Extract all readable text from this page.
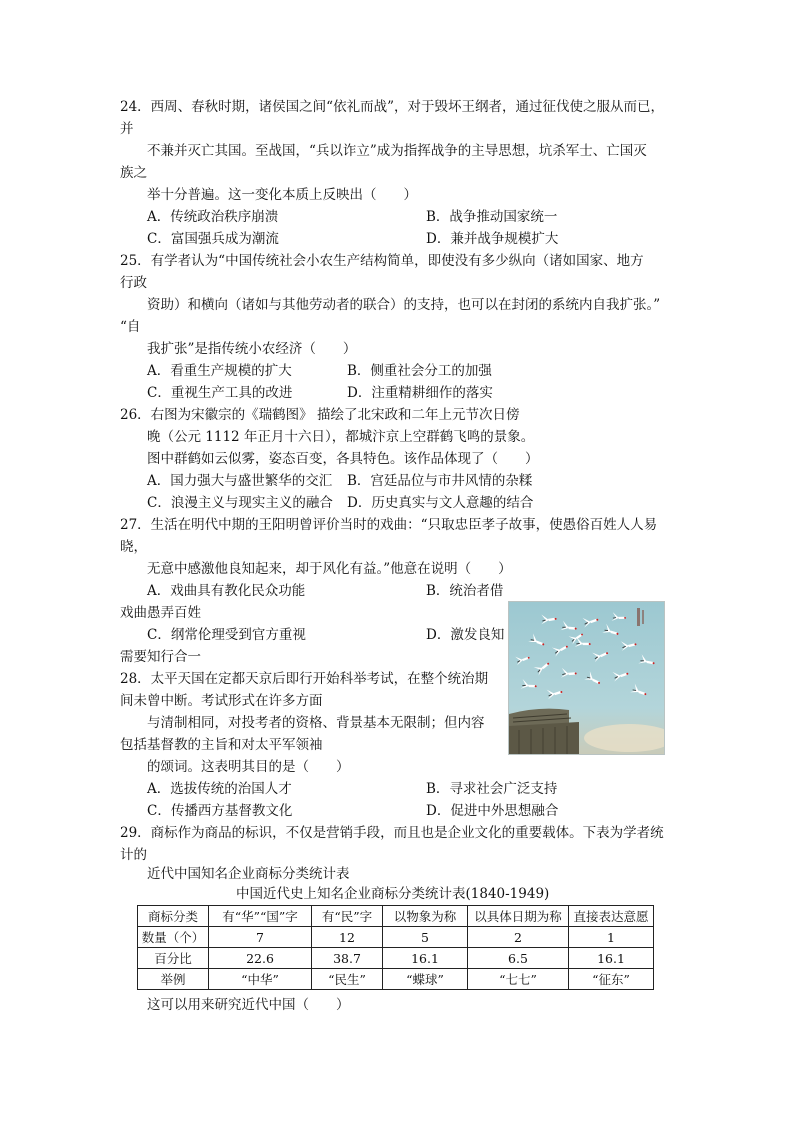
24．西周、春秋时期，诸侯国之间“依礼而战”，对于毁坏王纲者，通过征伐使之服从而已，
并
不兼并灭亡其国。至战国，“兵以诈立”成为指挥战争的主导思想，坑杀军士、亡国灭
族之
举十分普遍。这一变化本质上反映出（　　）
A．传统政治秩序崩溃	B．战争推动国家统一
C．富国强兵成为潮流	D．兼并战争规模扩大
25．有学者认为“中国传统社会小农生产结构简单，即使没有多少纵向（诸如国家、地方
行政
资助）和横向（诸如与其他劳动者的联合）的支持，也可以在封闭的系统内自我扩张。”
“自
我扩张”是指传统小农经济（　　）
A．看重生产规模的扩大	B．侧重社会分工的加强
C．重视生产工具的改进	D．注重精耕细作的落实
26．右图为宋徽宗的《瑞鹤图》 描绘了北宋政和二年上元节次日傍
晚（公元 1112 年正月十六日），都城汴京上空群鹤飞鸣的景象。
图中群鹤如云似雾，姿态百变，各具特色。该作品体现了（　　）
A．国力强大与盛世繁华的交汇 B．宫廷品位与市井风情的杂糅
C．浪漫主义与现实主义的融合 D．历史真实与文人意趣的结合
27．生活在明代中期的王阳明曾评价当时的戏曲：“只取忠臣孝子故事，使愚俗百姓人人易
晓，
无意中感激他良知起来，却于风化有益。”他意在说明（　　）
A．戏曲具有教化民众功能	B．统治者借
戏曲愚弄百姓
C．纲常伦理受到官方重视	D．激发良知
需要知行合一
28．太平天国在定都天京后即行开始科举考试，在整个统治期
间未曾中断。考试形式在许多方面
与清制相同，对投考者的资格、背景基本无限制；但内容
包括基督教的主旨和对太平军领袖
的颂词。这表明其目的是（　　）
A．选拔传统的治国人才	B．寻求社会广泛支持
C．传播西方基督教文化	D．促进中外思想融合
29．商标作为商品的标识，不仅是营销手段，而且也是企业文化的重要载体。下表为学者统
计的
近代中国知名企业商标分类统计表
中国近代史上知名企业商标分类统计表(1840-1949)
商标分类	有“华”“国”字	有“民”字	以物象为称	以具体日期为称	直接表达意愿
数量（个）	7	12	5	2	1
百分比	22.6	38.7	16.1	6.5	16.1
举例	“中华”	“民生”	“蝶球”	“七七”	“征东”
这可以用来研究近代中国（　　）
